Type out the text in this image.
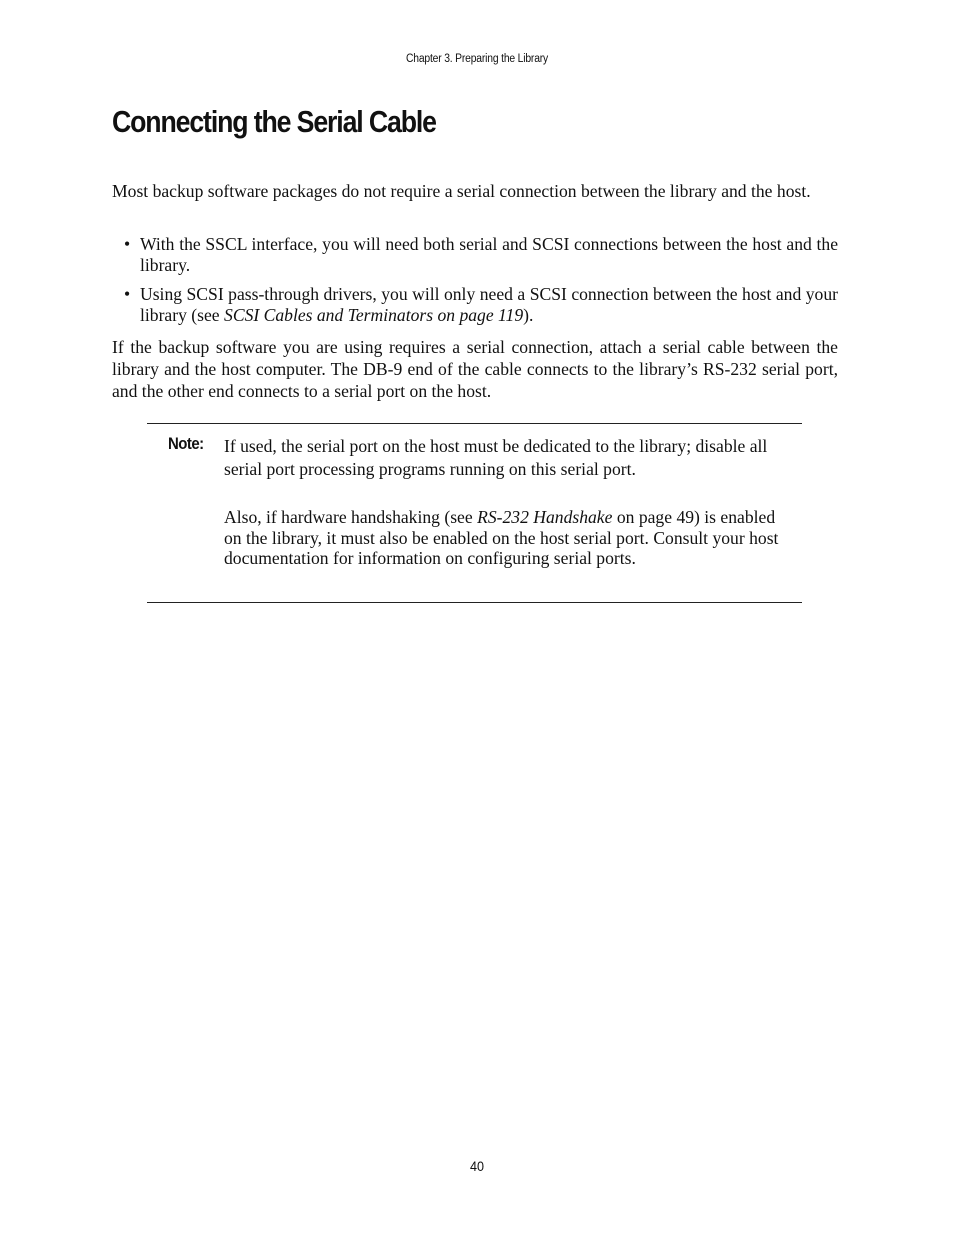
Chapter 3. Preparing the Library
Connecting the Serial Cable

Most backup software packages do not require a serial connection between the library and the host.

• With the SSCL interface, you will need both serial and SCSI connections between the host and the library.
• Using SCSI pass-through drivers, you will only need a SCSI connection between the host and your library (see SCSI Cables and Terminators on page 119).

If the backup software you are using requires a serial connection, attach a serial cable between the library and the host computer. The DB-9 end of the cable connects to the library’s RS-232 serial port, and the other end connects to a serial port on the host.

Note: If used, the serial port on the host must be dedicated to the library; disable all serial port processing programs running on this serial port.

Also, if hardware handshaking (see RS-232 Handshake on page 49) is enabled on the library, it must also be enabled on the host serial port. Consult your host documentation for information on configuring serial ports.

40
